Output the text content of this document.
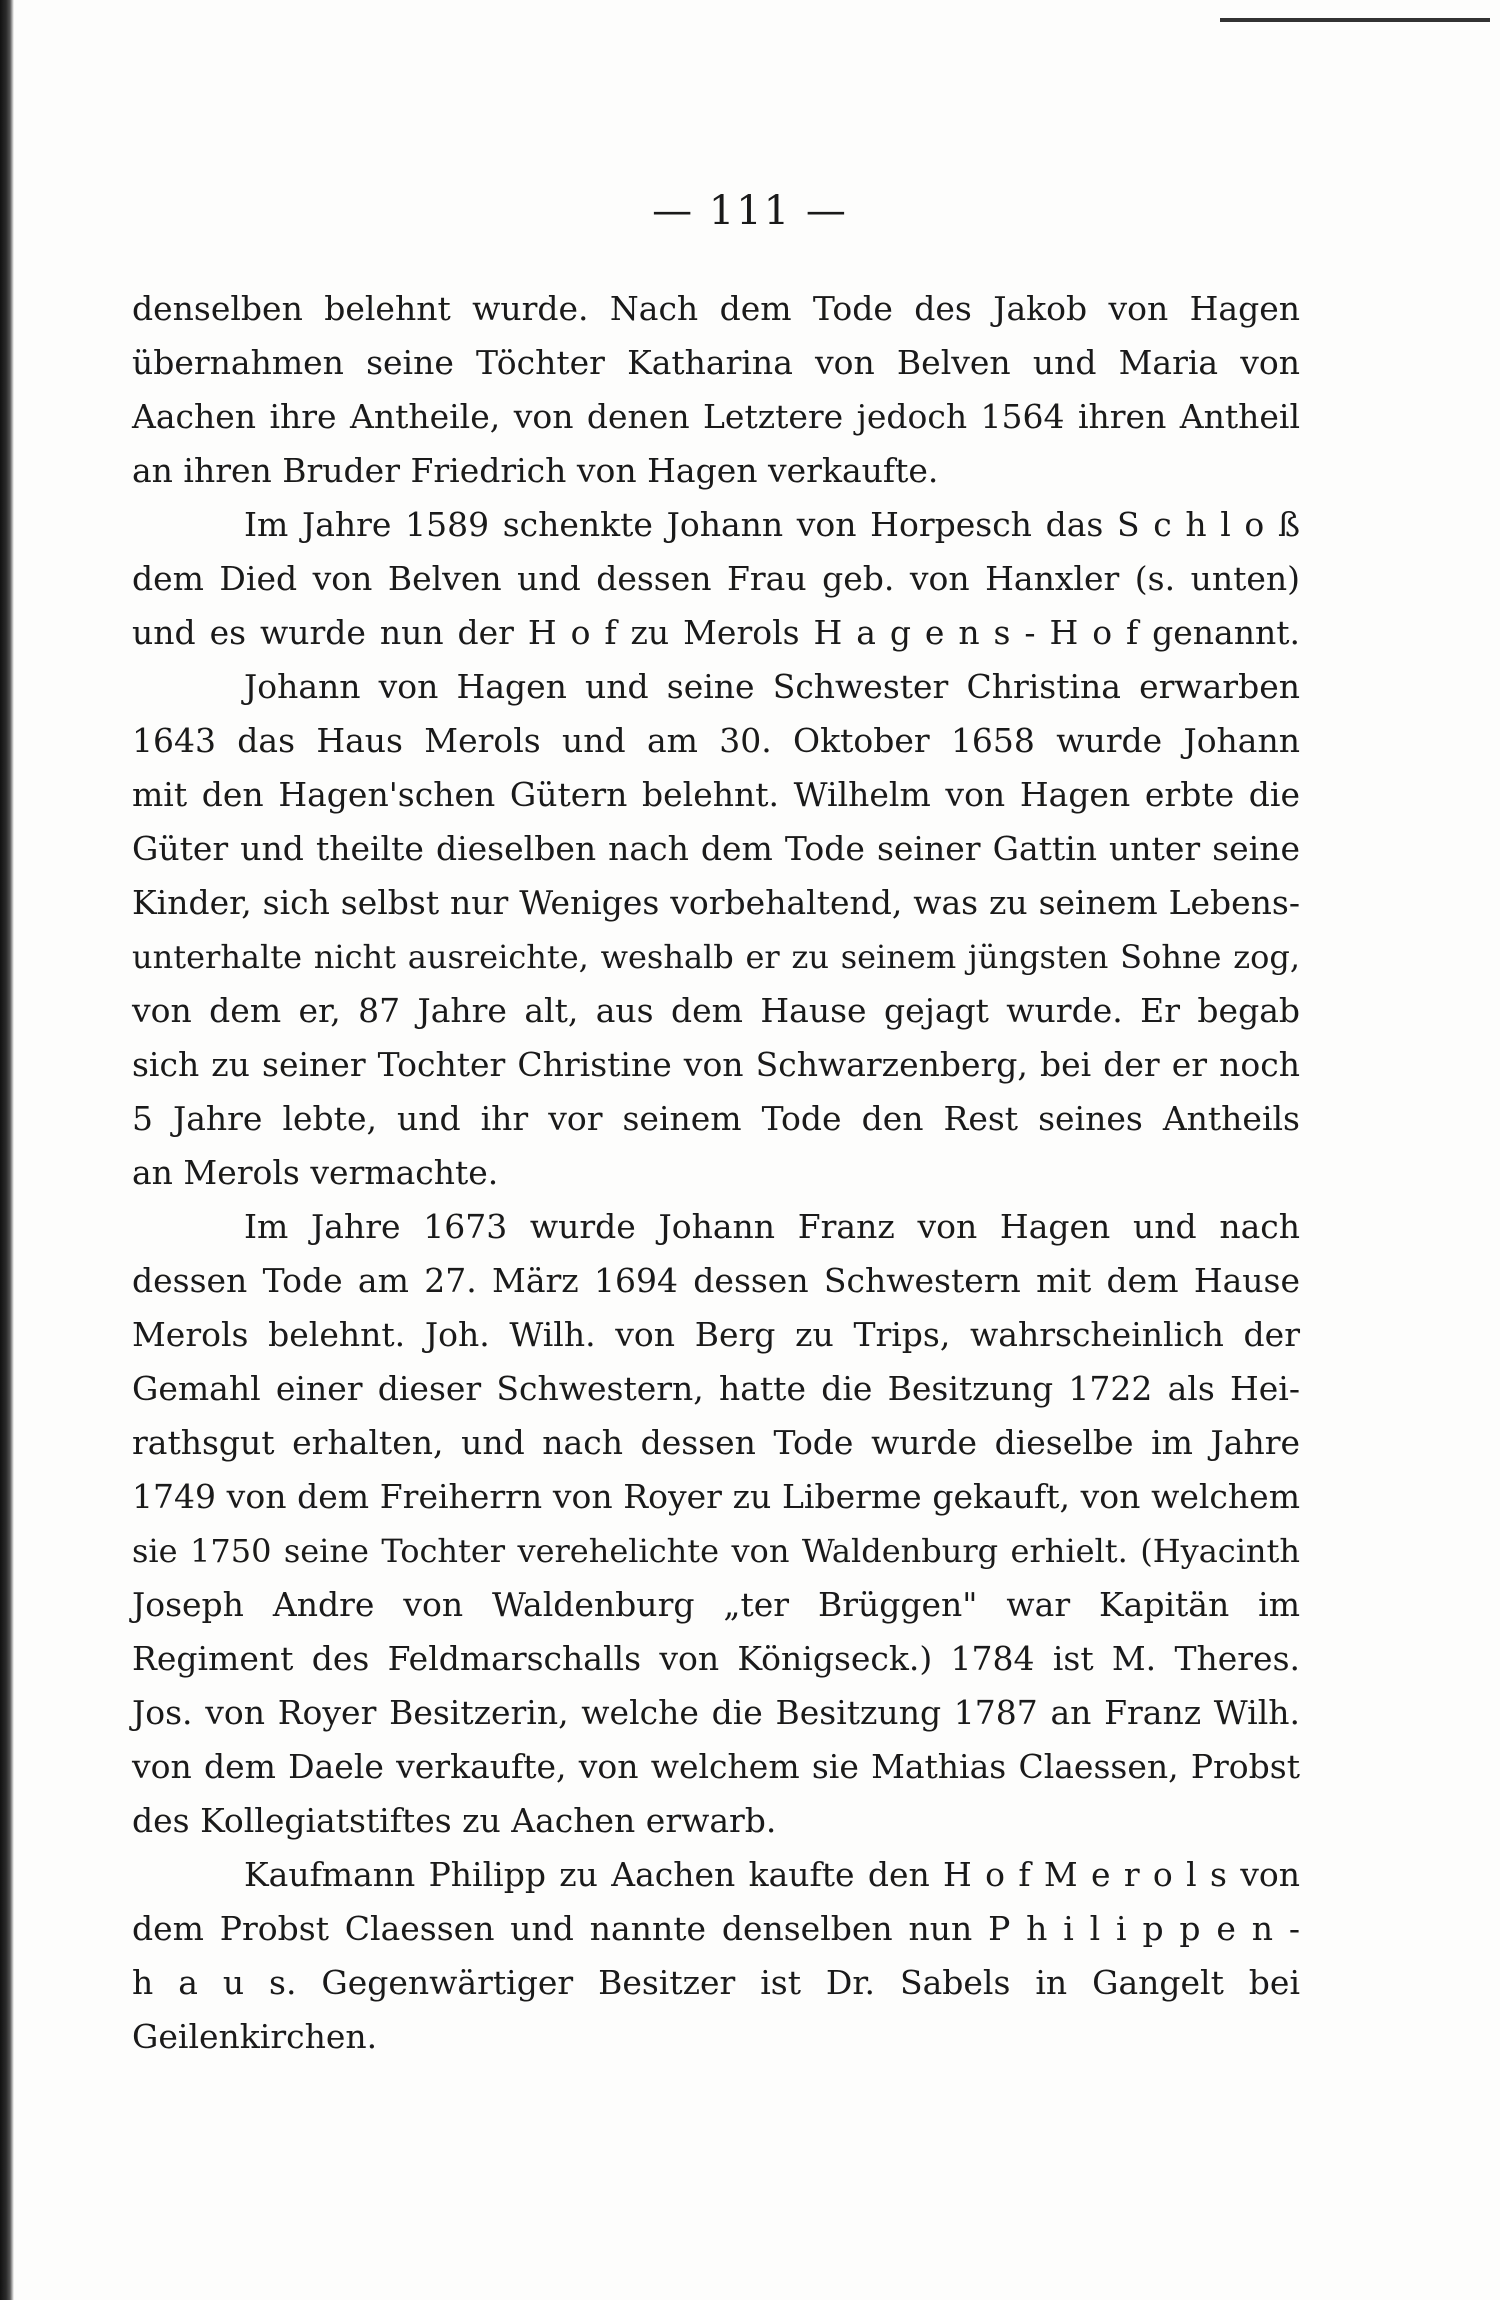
— 111 —
denselben belehnt wurde. Nach dem Tode des Jakob von Hagen
übernahmen seine Töchter Katharina von Belven und Maria von
Aachen ihre Antheile, von denen Letztere jedoch 1564 ihren Antheil
an ihren Bruder Friedrich von Hagen verkaufte.
Im Jahre 1589 schenkte Johann von Horpesch das S c h l o ß
dem Died von Belven und dessen Frau geb. von Hanxler (s. unten)
und es wurde nun der H o f zu Merols H a g e n s - H o f genannt.
Johann von Hagen und seine Schwester Christina erwarben
1643 das Haus Merols und am 30. Oktober 1658 wurde Johann
mit den Hagen'schen Gütern belehnt. Wilhelm von Hagen erbte die
Güter und theilte dieselben nach dem Tode seiner Gattin unter seine
Kinder, sich selbst nur Weniges vorbehaltend, was zu seinem Lebens-
unterhalte nicht ausreichte, weshalb er zu seinem jüngsten Sohne zog,
von dem er, 87 Jahre alt, aus dem Hause gejagt wurde. Er begab
sich zu seiner Tochter Christine von Schwarzenberg, bei der er noch
5 Jahre lebte, und ihr vor seinem Tode den Rest seines Antheils
an Merols vermachte.
Im Jahre 1673 wurde Johann Franz von Hagen und nach
dessen Tode am 27. März 1694 dessen Schwestern mit dem Hause
Merols belehnt. Joh. Wilh. von Berg zu Trips, wahrscheinlich der
Gemahl einer dieser Schwestern, hatte die Besitzung 1722 als Hei-
rathsgut erhalten, und nach dessen Tode wurde dieselbe im Jahre
1749 von dem Freiherrn von Royer zu Liberme gekauft, von welchem
sie 1750 seine Tochter verehelichte von Waldenburg erhielt. (Hyacinth
Joseph Andre von Waldenburg „ter Brüggen" war Kapitän im
Regiment des Feldmarschalls von Königseck.) 1784 ist M. Theres.
Jos. von Royer Besitzerin, welche die Besitzung 1787 an Franz Wilh.
von dem Daele verkaufte, von welchem sie Mathias Claessen, Probst
des Kollegiatstiftes zu Aachen erwarb.
Kaufmann Philipp zu Aachen kaufte den H o f M e r o l s von
dem Probst Claessen und nannte denselben nun P h i l i p p e n -
h a u s. Gegenwärtiger Besitzer ist Dr. Sabels in Gangelt bei
Geilenkirchen.
